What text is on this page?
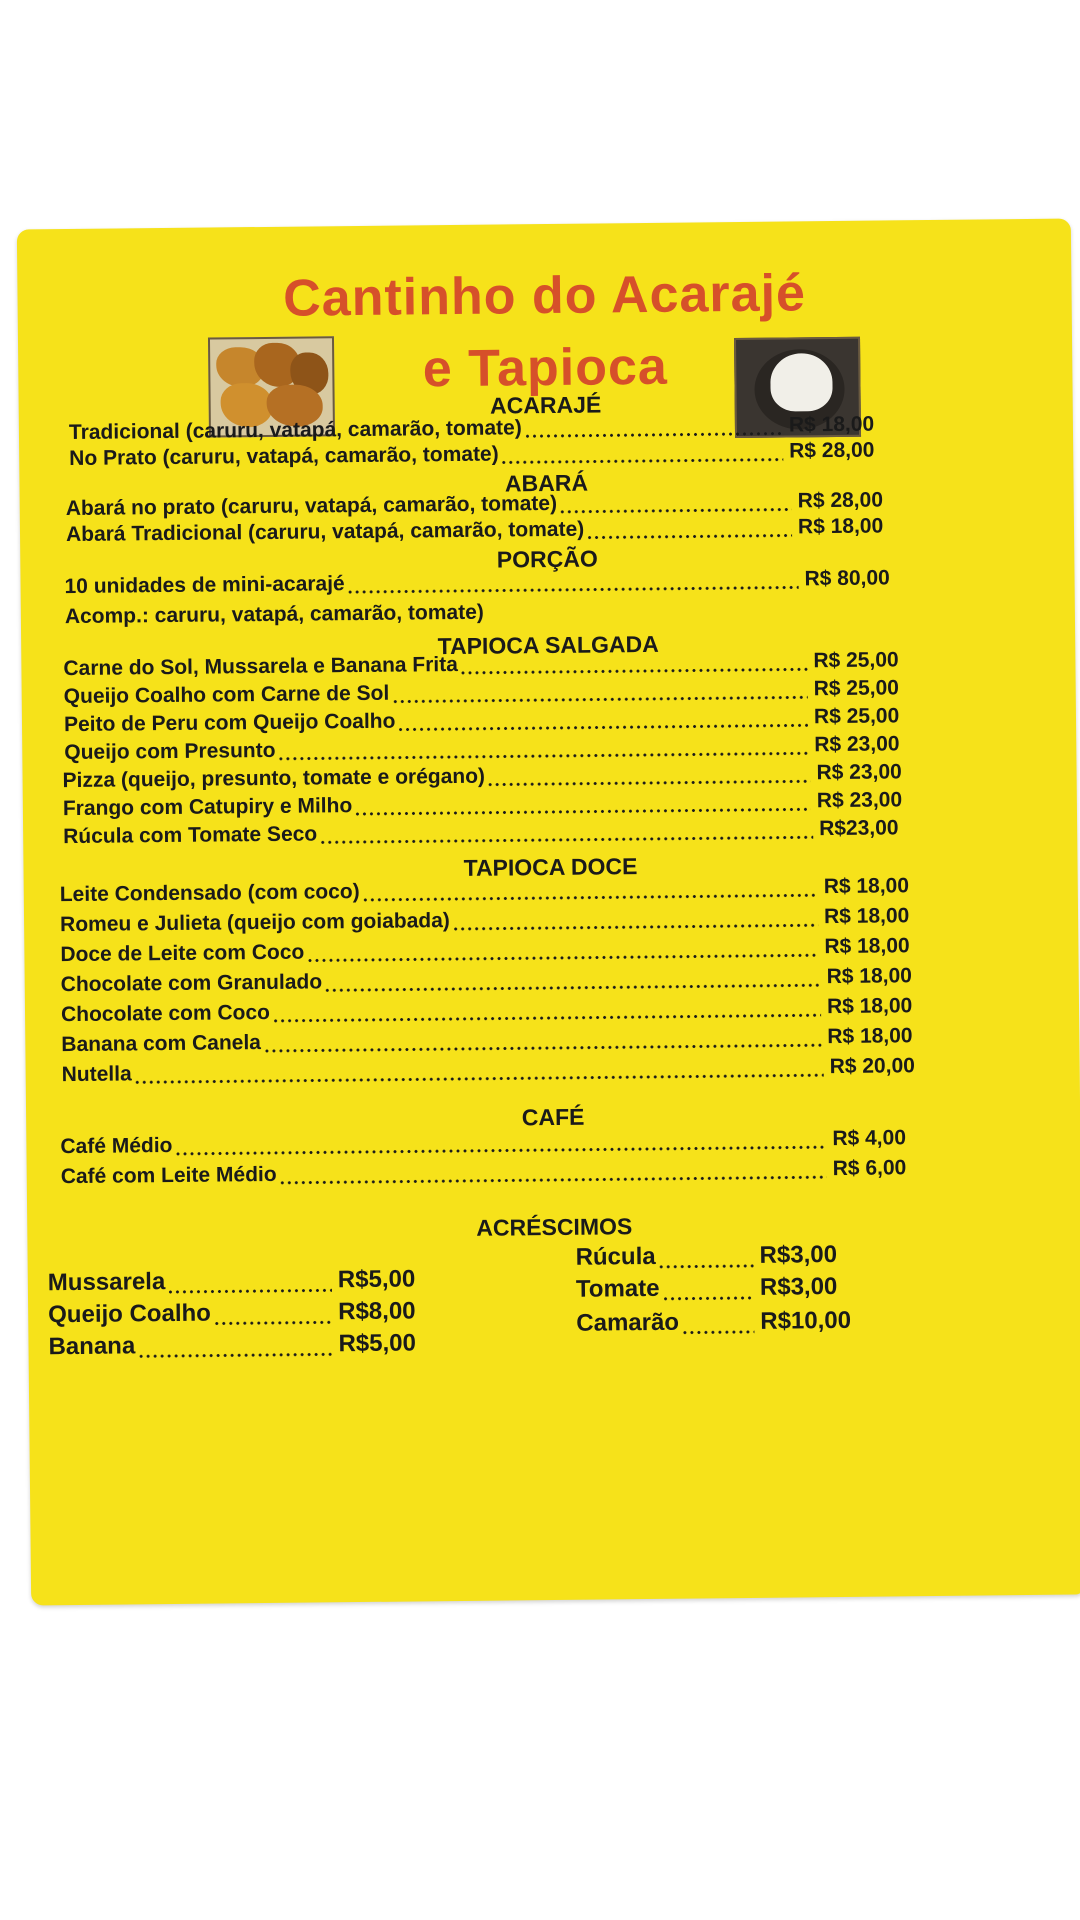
Cantinho do Acarajé
e Tapioca
ACARAJÉ
Tradicional (caruru, vatapá, camarão, tomate)	R$ 18,00
No Prato (caruru, vatapá, camarão, tomate)	R$ 28,00
ABARÁ
Abará no prato (caruru, vatapá, camarão, tomate)	R$ 28,00
Abará Tradicional (caruru, vatapá, camarão, tomate)	R$ 18,00
PORÇÃO
10 unidades de mini-acarajé	R$ 80,00
Acomp.: caruru, vatapá, camarão, tomate)
TAPIOCA SALGADA
Carne do Sol, Mussarela e Banana Frita	R$ 25,00
Queijo Coalho com Carne de Sol	R$ 25,00
Peito de Peru com Queijo Coalho	R$ 25,00
Queijo com Presunto	R$ 23,00
Pizza (queijo, presunto, tomate e orégano)	R$ 23,00
Frango com Catupiry e Milho	R$ 23,00
Rúcula com Tomate Seco	R$23,00
TAPIOCA DOCE
Leite Condensado (com coco)	R$ 18,00
Romeu e Julieta (queijo com goiabada)	R$ 18,00
Doce de Leite com Coco	R$ 18,00
Chocolate com Granulado	R$ 18,00
Chocolate com Coco	R$ 18,00
Banana com Canela	R$ 18,00
Nutella	R$ 20,00
CAFÉ
Café Médio	R$ 4,00
Café com Leite Médio	R$ 6,00
ACRÉSCIMOS
Mussarela	R$5,00
Queijo Coalho	R$8,00
Banana	R$5,00
Rúcula	R$3,00
Tomate	R$3,00
Camarão	R$10,00
